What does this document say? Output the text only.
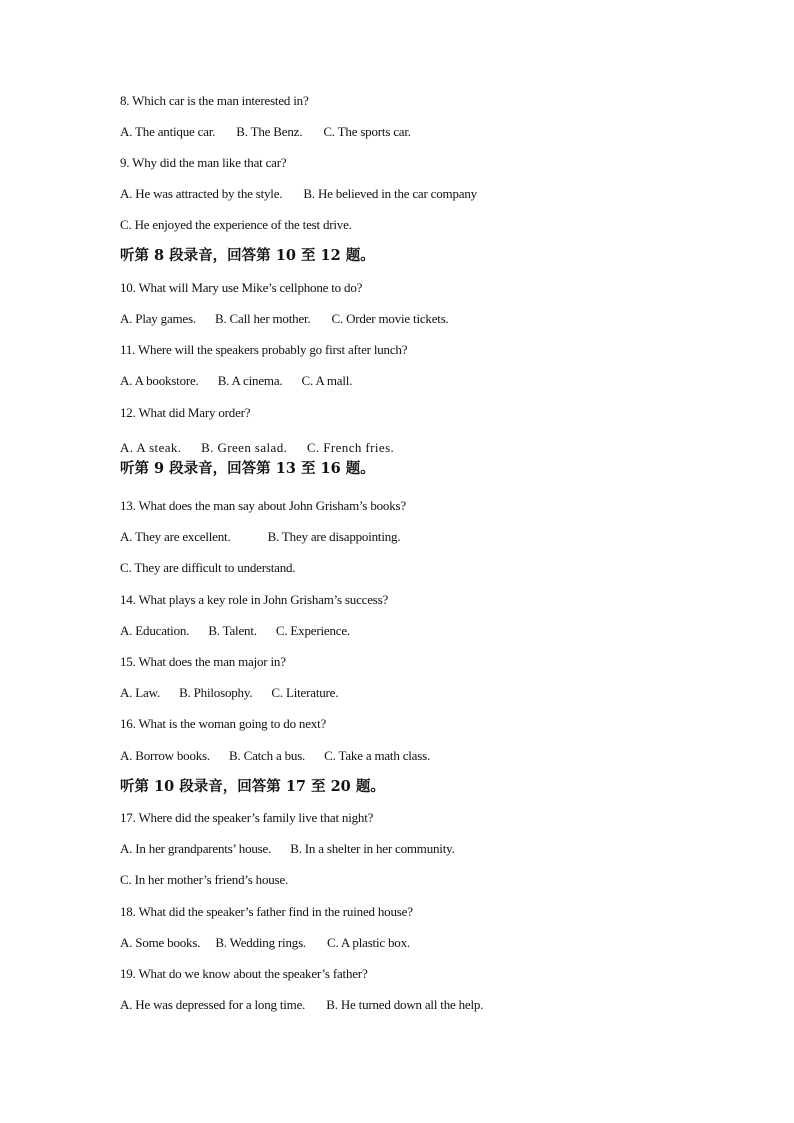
8. Which car is the man interested in?
A. The antique car. B. The Benz. C. The sports car.
9. Why did the man like that car?
A. He was attracted by the style. B. He believed in the car company
C. He enjoyed the experience of the test drive.
听第 8 段录音，回答第 10 至 12 题。
10. What will Mary use Mike’s cellphone to do?
A. Play games. B. Call her mother. C. Order movie tickets.
11. Where will the speakers probably go first after lunch?
A. A bookstore. B. A cinema. C. A mall.
12. What did Mary order?
A. A steak. B. Green salad. C. French fries.
听第 9 段录音，回答第 13 至 16 题。
13. What does the man say about John Grisham’s books?
A. They are excellent.	B. They are disappointing.
C. They are difficult to understand.
14. What plays a key role in John Grisham’s success?
A. Education. B. Talent. C. Experience.
15. What does the man major in?
A. Law. B. Philosophy. C. Literature.
16. What is the woman going to do next?
A. Borrow books. B. Catch a bus. C. Take a math class.
听第 10 段录音，回答第 17 至 20 题。
17. Where did the speaker’s family live that night?
A. In her grandparents’ house. B. In a shelter in her community.
C. In her mother’s friend’s house.
18. What did the speaker’s father find in the ruined house?
A. Some books. B. Wedding rings. C. A plastic box.
19. What do we know about the speaker’s father?
A. He was depressed for a long time. B. He turned down all the help.
